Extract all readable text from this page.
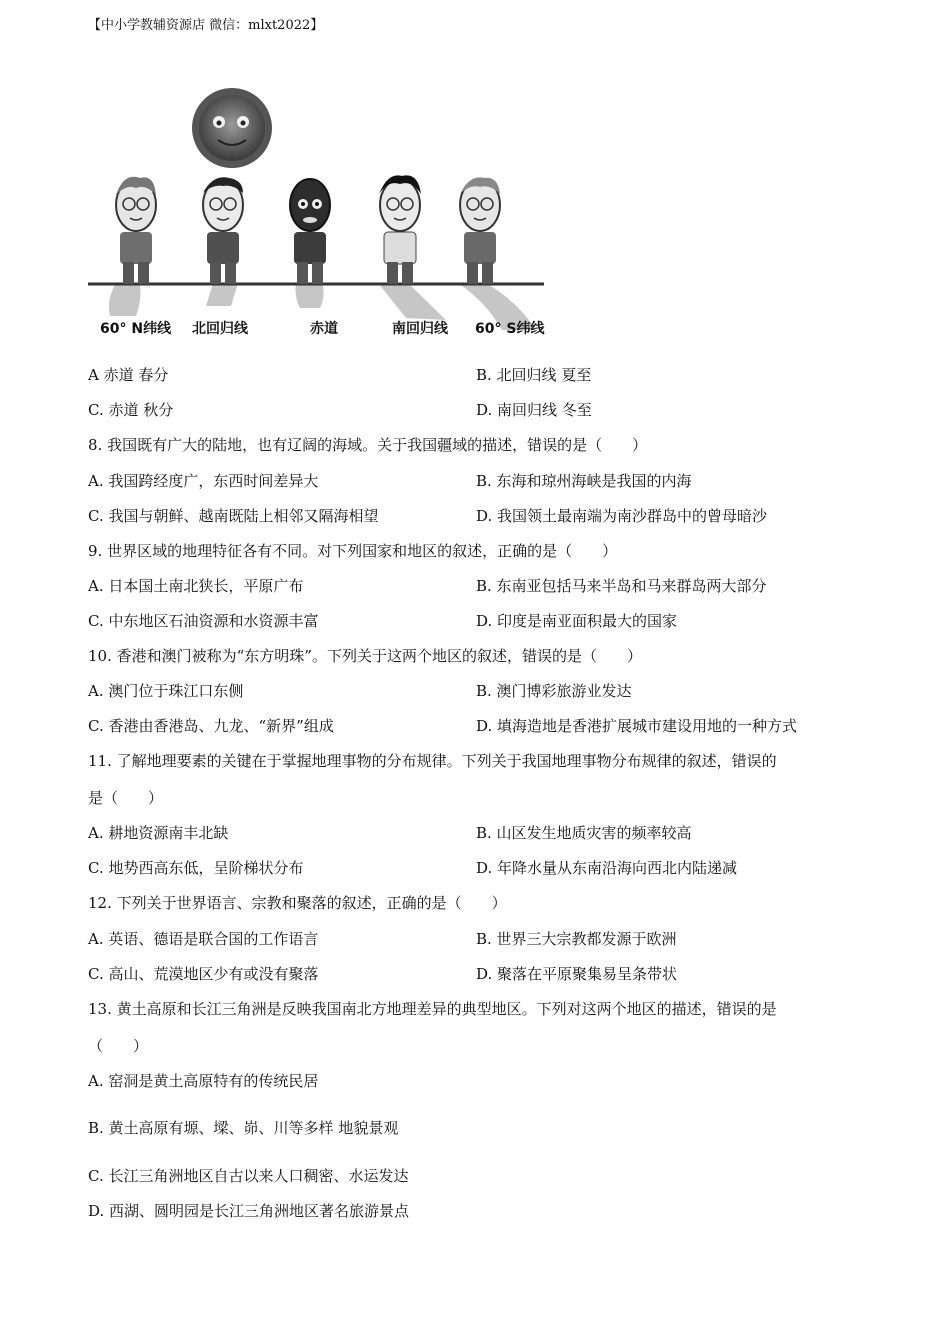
【中小学教辅资源店 微信：mlxt2022】
60° N纬线 北回归线	赤道	南回归线 60° S纬线
A 赤道 春分	B. 北回归线 夏至
C. 赤道 秋分	D. 南回归线 冬至
8. 我国既有广大的陆地，也有辽阔的海域。关于我国疆域的描述，错误的是（　　）
A. 我国跨经度广，东西时间差异大	B. 东海和琼州海峡是我国的内海
C. 我国与朝鲜、越南既陆上相邻又隔海相望	D. 我国领土最南端为南沙群岛中的曾母暗沙
9. 世界区域的地理特征各有不同。对下列国家和地区的叙述，正确的是（　　）
A. 日本国土南北狭长，平原广布	B. 东南亚包括马来半岛和马来群岛两大部分
C. 中东地区石油资源和水资源丰富	D. 印度是南亚面积最大的国家
10. 香港和澳门被称为“东方明珠”。下列关于这两个地区的叙述，错误的是（　　）
A. 澳门位于珠江口东侧	B. 澳门博彩旅游业发达
C. 香港由香港岛、九龙、“新界”组成	D. 填海造地是香港扩展城市建设用地的一种方式
11. 了解地理要素的关键在于掌握地理事物的分布规律。下列关于我国地理事物分布规律的叙述，错误的
是（　　）
A. 耕地资源南丰北缺	B. 山区发生地质灾害的频率较高
C. 地势西高东低，呈阶梯状分布	D. 年降水量从东南沿海向西北内陆递减
12. 下列关于世界语言、宗教和聚落的叙述，正确的是（　　）
A. 英语、德语是联合国的工作语言	B. 世界三大宗教都发源于欧洲
C. 高山、荒漠地区少有或没有聚落	D. 聚落在平原聚集易呈条带状
13. 黄土高原和长江三角洲是反映我国南北方地理差异的典型地区。下列对这两个地区的描述，错误的是
（　　）
A. 窑洞是黄土高原特有的传统民居
B. 黄土高原有塬、墚、峁、川等多样 地貌景观
C. 长江三角洲地区自古以来人口稠密、水运发达
D. 西湖、圆明园是长江三角洲地区著名旅游景点
